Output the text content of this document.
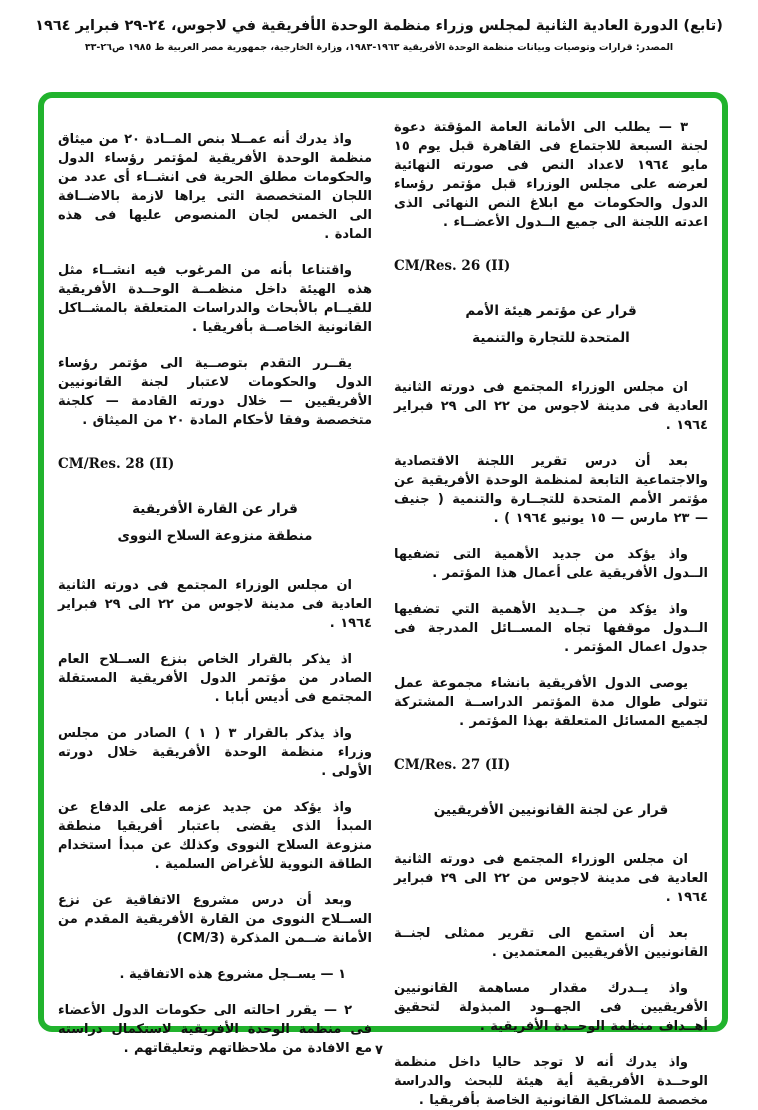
(تابع) الدورة العادية الثانية لمجلس وزراء منظمة الوحدة الأفريقية في لاجوس، ٢٤-٢٩ فبراير ١٩٦٤
المصدر: قرارات وتوصيات وبيانات منظمة الوحدة الأفريقية ١٩٦٣-١٩٨٣، وزارة الخارجية، جمهورية مصر العربية ط ١٩٨٥ ص٢٦-٣٣

٣ — يطلب الى الأمانة العامة المؤقتة دعوة لجنة السبعة للاجتماع فى القاهرة قبل يوم ١٥ مايو ١٩٦٤ لاعداد النص فى صورته النهائية لعرضه على مجلس الوزراء قبل مؤتمر رؤساء الدول والحكومات مع ابلاغ النص النهائى الذى اعدته اللجنة الى جميع الــدول الأعضــاء .

CM/Res. 26 (II)
قرار عن مؤتمر هيئة الأمم
المتحدة للتجارة والتنمية

ان مجلس الوزراء المجتمع فى دورته الثانية العادية فى مدينة لاجوس من ٢٢ الى ٢٩ فبراير ١٩٦٤ .

بعد أن درس تقرير اللجنة الاقتصادية والاجتماعية التابعة لمنظمة الوحدة الأفريقية عن مؤتمر الأمم المتحدة للتجــارة والتنمية ( جنيف — ٢٣ مارس — ١٥ يونيو ١٩٦٤ ) .

واذ يؤكد من جديد الأهمية التى تضفيها الــدول الأفريقية على أعمال هذا المؤتمر .

واذ يؤكد من جــديد الأهمية التي تضفيها الــدول موقفها تجاه المســائل المدرجة فى جدول اعمال المؤتمر .

يوصى الدول الأفريقية بانشاء مجموعة عمل تتولى طوال مدة المؤتمر الدراســة المشتركة لجميع المسائل المتعلقة بهذا المؤتمر .

CM/Res. 27 (II)
قرار عن لجنة القانونيين الأفريقيين

ان مجلس الوزراء المجتمع فى دورته الثانية العادية فى مدينة لاجوس من ٢٢ الى ٢٩ فبراير ١٩٦٤ .

بعد أن استمع الى تقرير ممثلى لجنــة القانونيين الأفريقيين المعتمدين .

واذ يــدرك مقدار مساهمة القانونيين الأفريقيين فى الجهــود المبذولة لتحقيق أهــداف منظمة الوحــدة الأفريقية .

واذ يدرك أنه لا توجد حاليا داخل منظمة الوحــدة الأفريقية أية هيئة للبحث والدراسة مخصصة للمشاكل القانونية الخاصة بأفريقيا .

واذ يدرك أنه عمــلا بنص المــادة ٢٠ من ميثاق منظمة الوحدة الأفريقية لمؤتمر رؤساء الدول والحكومات مطلق الحرية فى انشــاء أى عدد من اللجان المتخصصة التى يراها لازمة بالاضــافة الى الخمس لجان المنصوص عليها فى هذه المادة .

واقتناعا بأنه من المرغوب فيه انشــاء مثل هذه الهيئة داخل منظمــة الوحــدة الأفريقية للقيــام بالأبحاث والدراسات المتعلقة بالمشــاكل القانونية الخاصــة بأفريقيا .

يقــرر التقدم بتوصــية الى مؤتمر رؤساء الدول والحكومات لاعتبار لجنة القانونيين الأفريقيين — خلال دورته القادمة — كلجنة متخصصة وفقا لأحكام المادة ٢٠ من الميثاق .

CM/Res. 28 (II)
قرار عن القارة الأفريقية
منطقة منزوعة السلاح النووى

ان مجلس الوزراء المجتمع فى دورته الثانية العادية فى مدينة لاجوس من ٢٢ الى ٢٩ فبراير ١٩٦٤ .

اذ يذكر بالقرار الخاص بنزع الســلاح العام الصادر من مؤتمر الدول الأفريقية المستقلة المجتمع فى أديس أبابا .

واذ يذكر بالقرار ٣ ( ١ ) الصادر من مجلس وزراء منظمة الوحدة الأفريقية خلال دورته الأولى .

واذ يؤكد من جديد عزمه على الدفاع عن المبدأ الذى يقضى باعتبار أفريقيا منطقة منزوعة السلاح النووى وكذلك عن مبدأ استخدام الطاقة النووية للأغراض السلمية .

وبعد أن درس مشروع الاتفاقية عن نزع الســلاح النووى من القارة الأفريقية المقدم من الأمانة ضــمن المذكرة (CM/3)

١ — يســجل مشروع هذه الاتفاقية .

٢ — يقرر احالته الى حكومات الدول الأعضاء فى منظمة الوحدة الأفريقية لاستكمال دراسته مع الافادة من ملاحظاتهم وتعليقاتهم . ٧
